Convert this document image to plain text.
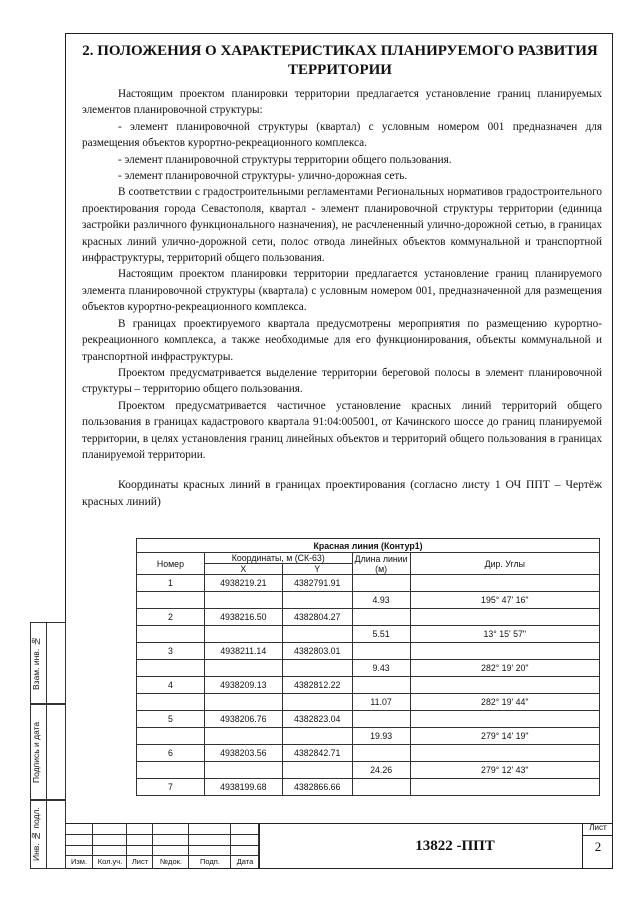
2. ПОЛОЖЕНИЯ О ХАРАКТЕРИСТИКАХ ПЛАНИРУЕМОГО РАЗВИТИЯ ТЕРРИТОРИИ

Настоящим проектом планировки территории предлагается установление границ планируемых элементов планировочной структуры:

- элемент планировочной структуры (квартал) с условным номером 001 предназначен для размещения объектов курортно-рекреационного комплекса.

- элемент планировочной структуры территории общего пользования.

- элемент планировочной структуры- улично-дорожная сеть.

В соответствии с градостроительными регламентами Региональных нормативов градостроительного проектирования города Севастополя, квартал - элемент планировочной структуры территории (единица застройки различного функционального назначения), не расчлененный улично-дорожной сетью, в границах красных линий улично-дорожной сети, полос отвода линейных объектов коммунальной и транспортной инфраструктуры, территорий общего пользования.

Настоящим проектом планировки территории предлагается установление границ планируемого элемента планировочной структуры (квартала) с условным номером 001, предназначенной для размещения объектов курортно-рекреационного комплекса.

В границах проектируемого квартала предусмотрены мероприятия по размещению курортно-рекреационного комплекса, а также необходимые для его функционирования, объекты коммунальной и транспортной инфраструктуры.

Проектом предусматривается выделение территории береговой полосы в элемент планировочной структуры – территорию общего пользования.

Проектом предусматривается частичное установление красных линий территорий общего пользования в границах кадастрового квартала 91:04:005001, от Качинского шоссе до границ планируемой территории, в целях установления границ линейных объектов и территорий общего пользования в границах планируемой территории.

Координаты красных линий в границах проектирования (согласно листу 1 ОЧ ППТ – Чертёж красных линий)

Красная линия (Контур1)				
Номер	Координаты, м (СК-63)		Длина линии (м)	Дир. Углы
	X	Y		
1	4938219.21	4382791.91		
			4.93	195° 47' 16"
2	4938216.50	4382804.27		
			5.51	13° 15' 57"
3	4938211.14	4382803.01		
			9.43	282° 19' 20"
4	4938209.13	4382812.22		
			11.07	282° 19' 44"
5	4938206.76	4382823.04		
			19.93	279° 14' 19"
6	4938203.56	4382842.71		
			24.26	279° 12' 43"
7	4938199.68	4382866.66		
Взам. инв. №
Подпись и дата
Инв. № подл.
Изм.	Кол.уч.	Лист	№док.	Подп.	Дата
13822 -ППТ
Лист
2
